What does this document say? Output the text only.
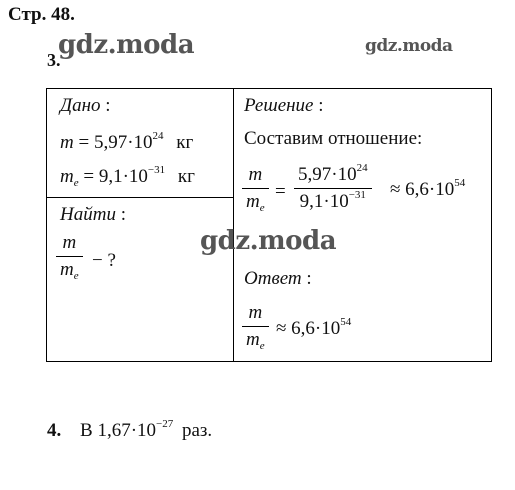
Стр. 48.
3.
gdz.moda	gdz.moda
Дано :
$m = 5,97\cdot 10^{24}$ кг
$m_e = 9,1\cdot 10^{-31}$ кг
Найти :
m
$m_e$
− ?
Решение :
Составим отношение:
m
$m_e$
=
$5,97\cdot 10^{24}$
$9,1\cdot 10^{-31} \approx 6,6\cdot 10^{54}$
gdz.moda
Ответ :
m
$m_e$
≈ $6,6\cdot 10^{54}$
4. В $1,67\cdot 10^{-27}$ раз.
